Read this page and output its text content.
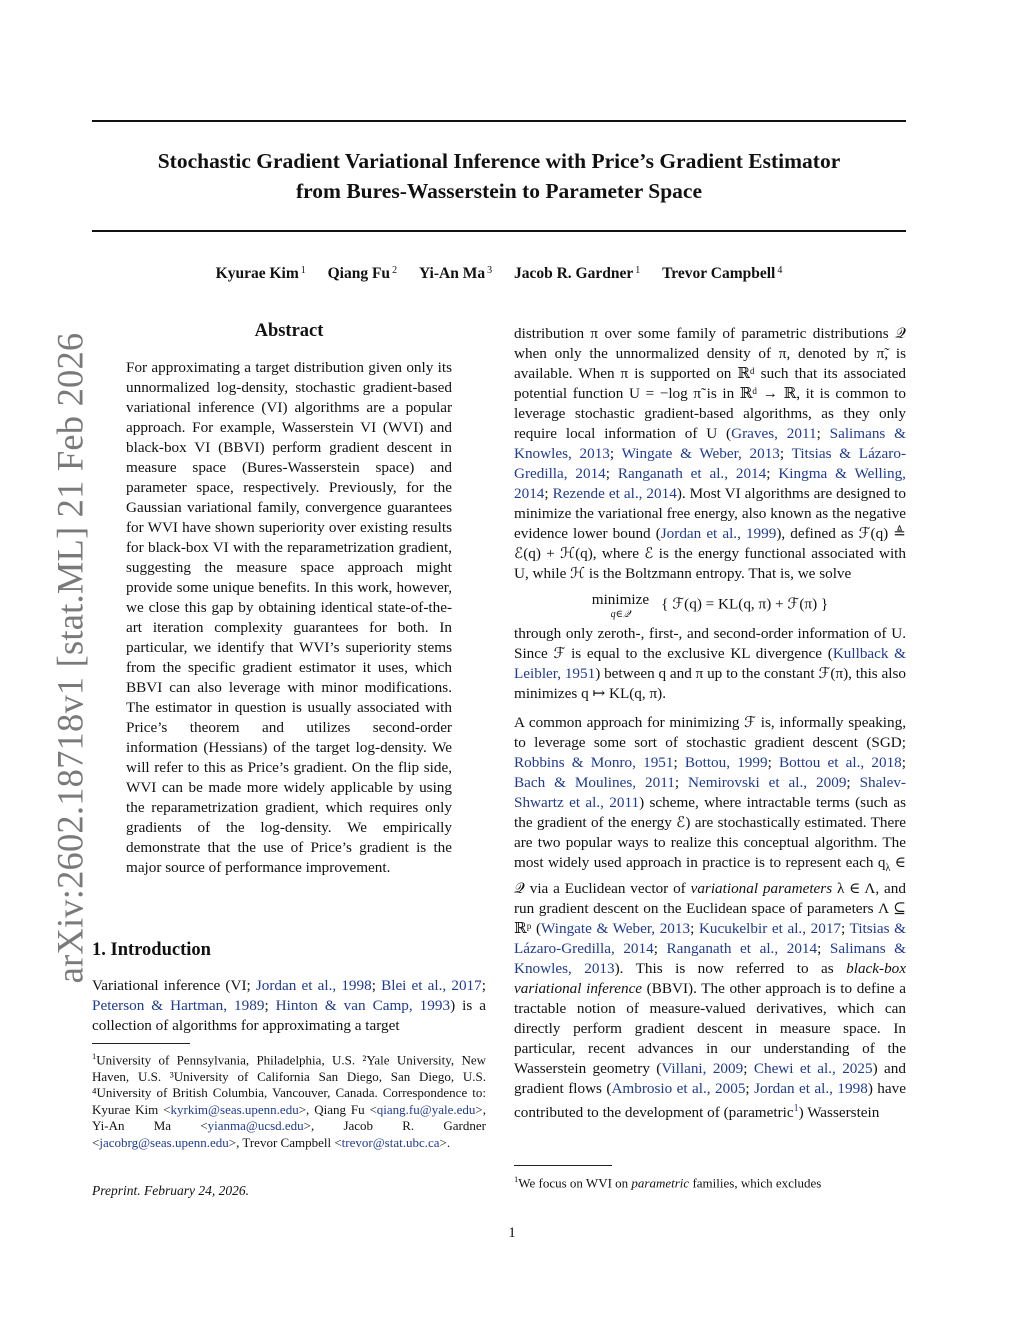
arXiv:2602.18718v1 [stat.ML] 21 Feb 2026
Stochastic Gradient Variational Inference with Price’s Gradient Estimator
from Bures-Wasserstein to Parameter Space
Kyurae Kim $^1$ Qiang Fu $^2$ Yi-An Ma $^3$ Jacob R. Gardner $^1$ Trevor Campbell $^4$
Abstract
For approximating a target distribution given only its unnormalized log-density, stochastic gradient-based variational inference (VI) algorithms are a popular approach. For example, Wasserstein VI (WVI) and black-box VI (BBVI) perform gradient descent in measure space (Bures-Wasserstein space) and parameter space, respectively. Previously, for the Gaussian variational family, convergence guarantees for WVI have shown superiority over existing results for black-box VI with the reparametrization gradient, suggesting the measure space approach might provide some unique benefits. In this work, however, we close this gap by obtaining identical state-of-the-art iteration complexity guarantees for both. In particular, we identify that WVI’s superiority stems from the specific gradient estimator it uses, which BBVI can also leverage with minor modifications. The estimator in question is usually associated with Price’s theorem and utilizes second-order information (Hessians) of the target log-density. We will refer to this as Price’s gradient. On the flip side, WVI can be made more widely applicable by using the reparametrization gradient, which requires only gradients of the log-density. We empirically demonstrate that the use of Price’s gradient is the major source of performance improvement.
1. Introduction

Variational inference (VI; Jordan et al., 1998; Blei et al., 2017; Peterson & Hartman, 1989; Hinton & van Camp, 1993) is a collection of algorithms for approximating a target

$^1$University of Pennsylvania, Philadelphia, U.S. ²Yale University, New Haven, U.S. ³University of California San Diego, San Diego, U.S. ⁴University of British Columbia, Vancouver, Canada. Correspondence to: Kyurae Kim <kyrkim@seas.upenn.edu>, Qiang Fu <qiang.fu@yale.edu>, Yi-An Ma <yianma@ucsd.edu>, Jacob R. Gardner <jacobrg@seas.upenn.edu>, Trevor Campbell <trevor@stat.ubc.ca>.
Preprint. February 24, 2026.

distribution π over some family of parametric distributions 𝒬 when only the unnormalized density of π, denoted by π̃, is available. When π is supported on ℝᵈ such that its associated potential function U = −log π̃ is in ℝᵈ → ℝ, it is common to leverage stochastic gradient-based algorithms, as they only require local information of U (Graves, 2011; Salimans & Knowles, 2013; Wingate & Weber, 2013; Titsias & Lázaro-Gredilla, 2014; Ranganath et al., 2014; Kingma & Welling, 2014; Rezende et al., 2014). Most VI algorithms are designed to minimize the variational free energy, also known as the negative evidence lower bound (Jordan et al., 1999), defined as ℱ(q) ≜ ℰ(q) + ℋ(q), where ℰ is the energy functional associated with U, while ℋ is the Boltzmann entropy. That is, we solve

minimize
q∈𝒬
{ ℱ(q) = KL(q, π) + ℱ(π) }

through only zeroth-, first-, and second-order information of U. Since ℱ is equal to the exclusive KL divergence (Kullback & Leibler, 1951) between q and π up to the constant ℱ(π), this also minimizes q ↦ KL(q, π).

A common approach for minimizing ℱ is, informally speaking, to leverage some sort of stochastic gradient descent (SGD; Robbins & Monro, 1951; Bottou, 1999; Bottou et al., 2018; Bach & Moulines, 2011; Nemirovski et al., 2009; Shalev-Shwartz et al., 2011) scheme, where intractable terms (such as the gradient of the energy ℰ) are stochastically estimated. There are two popular ways to realize this conceptual algorithm. The most widely used approach in practice is to represent each $q_\lambda$ ∈ 𝒬 via a Euclidean vector of variational parameters λ ∈ Λ, and run gradient descent on the Euclidean space of parameters Λ ⊆ ℝᵖ (Wingate & Weber, 2013; Kucukelbir et al., 2017; Titsias & Lázaro-Gredilla, 2014; Ranganath et al., 2014; Salimans & Knowles, 2013). This is now referred to as black-box variational inference (BBVI). The other approach is to define a tractable notion of measure-valued derivatives, which can directly perform gradient descent in measure space. In particular, recent advances in our understanding of the Wasserstein geometry (Villani, 2009; Chewi et al., 2025) and gradient flows (Ambrosio et al., 2005; Jordan et al., 1998) have contributed to the development of (parametric$^1$) Wasserstein

$^1$We focus on WVI on parametric families, which excludes
1
